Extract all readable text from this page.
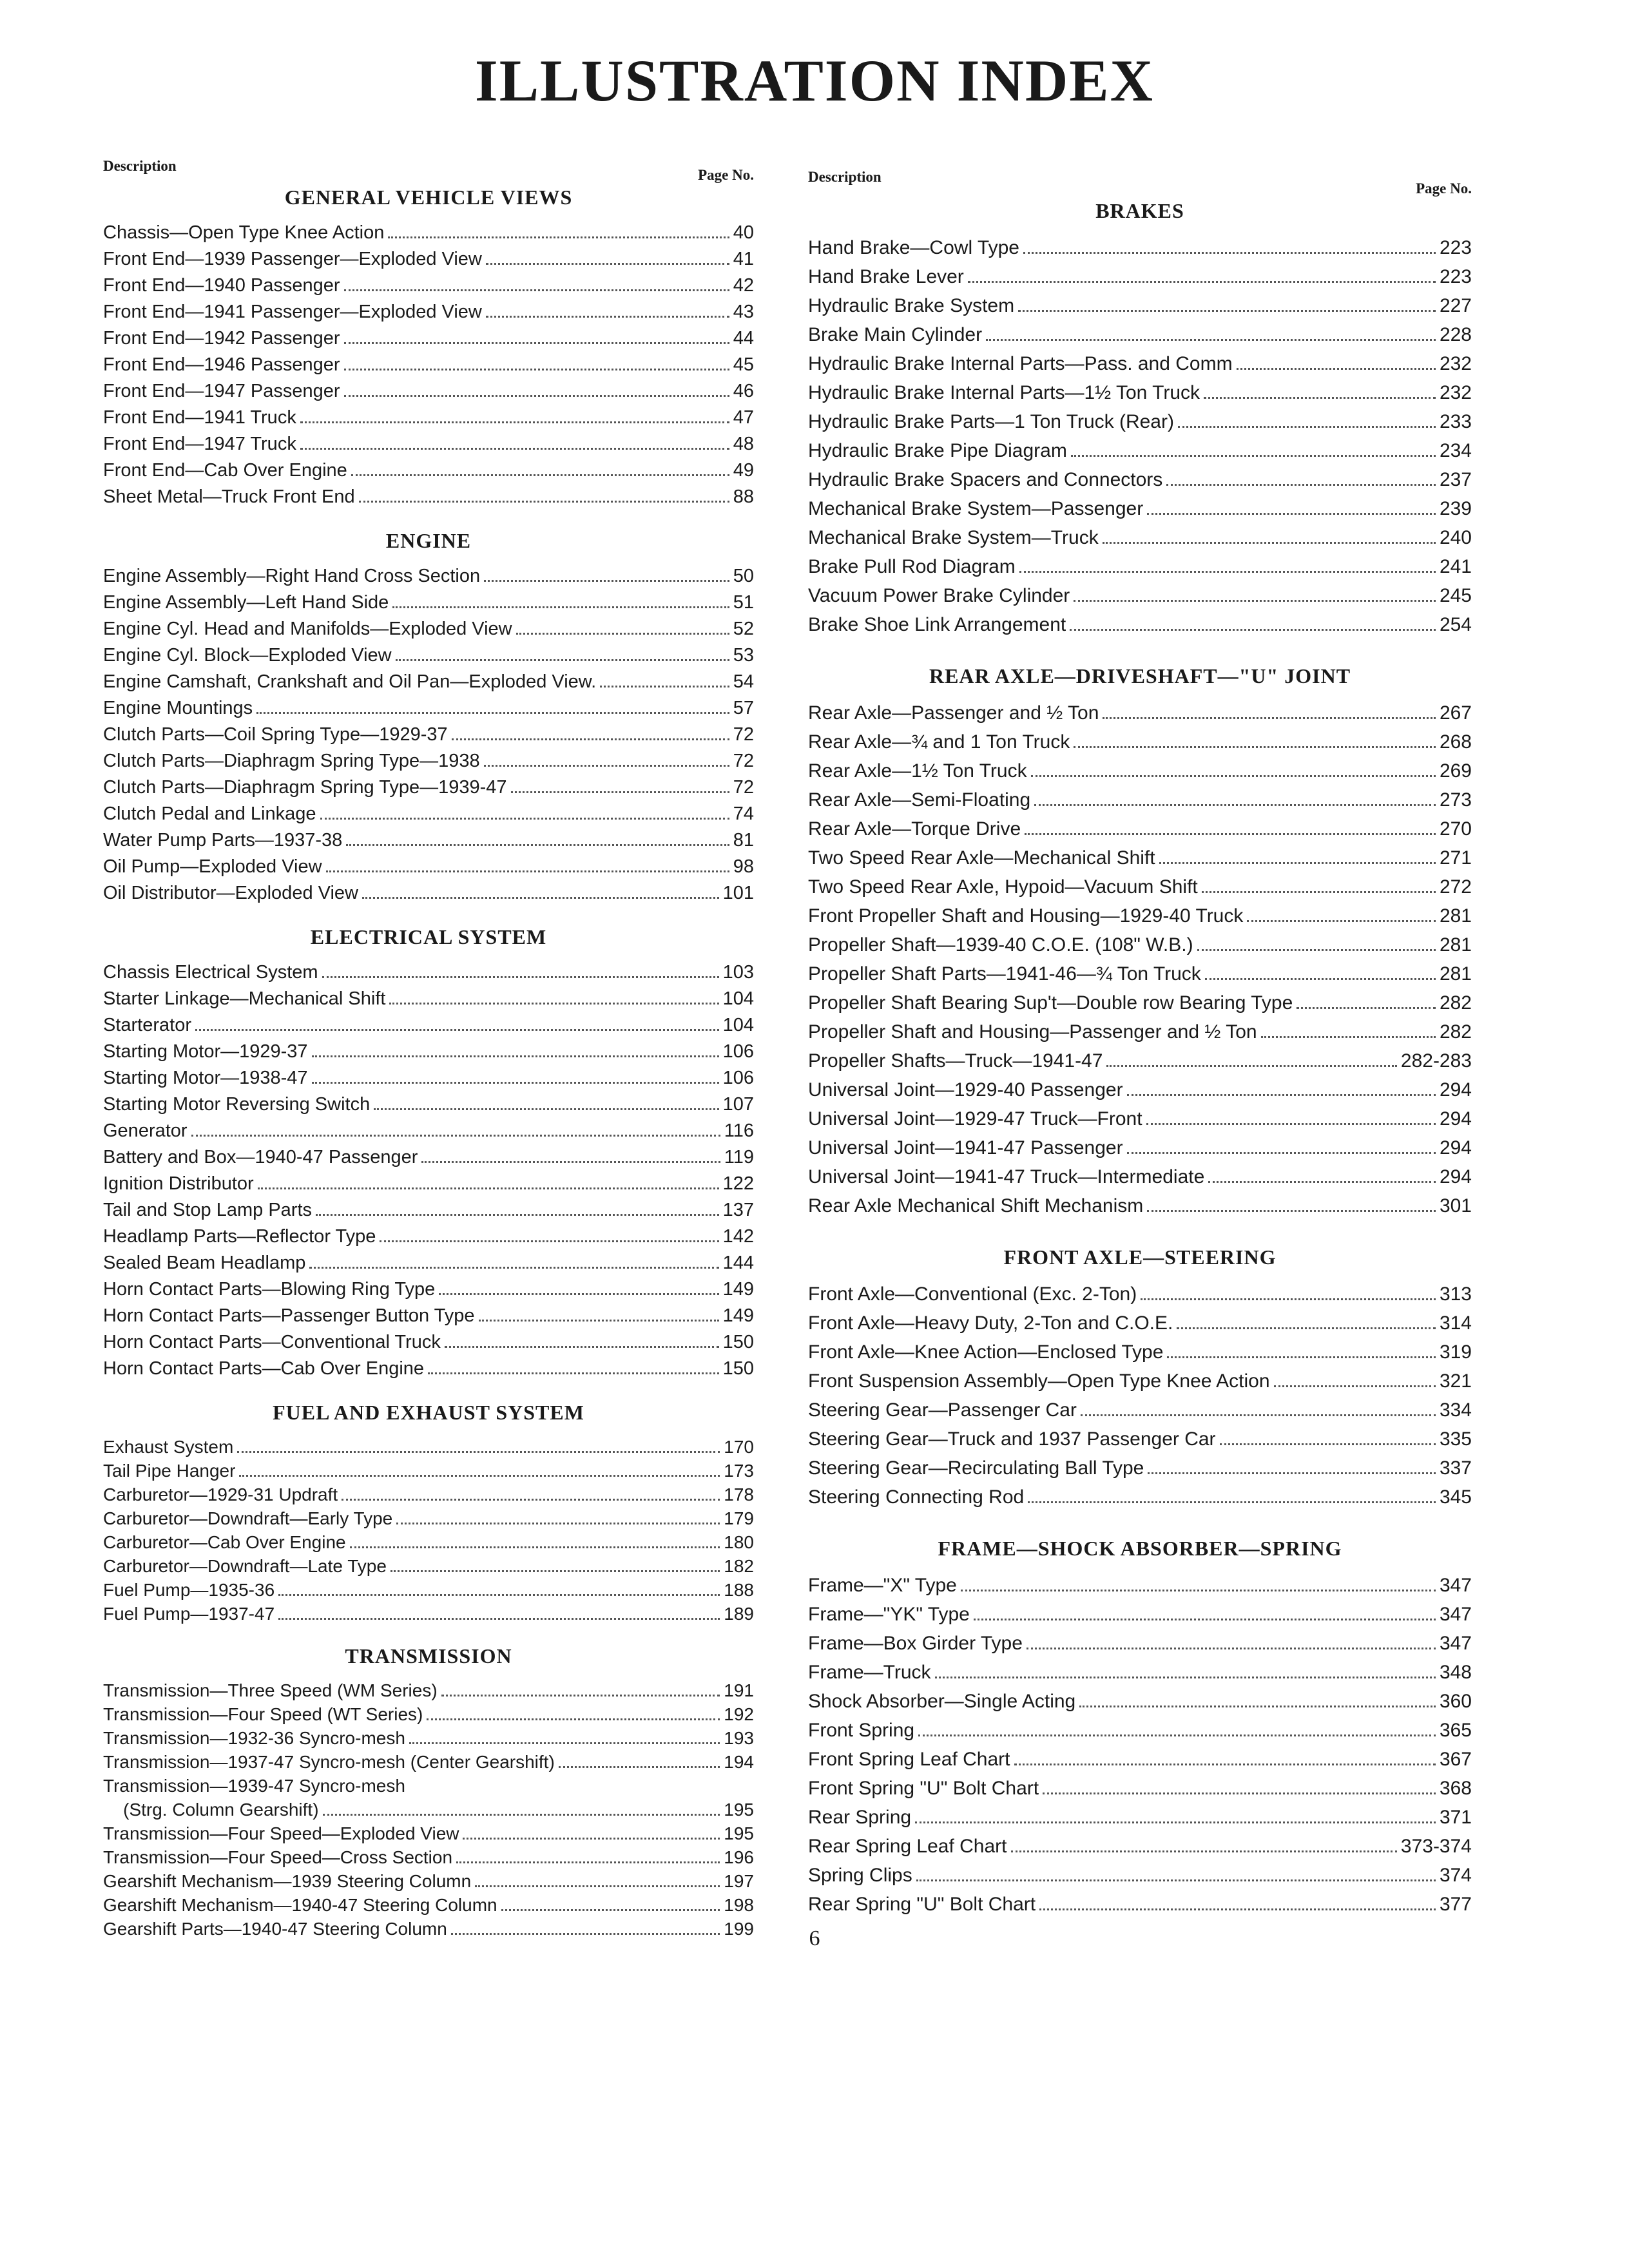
ILLUSTRATION INDEX
Description
Page No.
GENERAL VEHICLE VIEWS
Chassis—Open Type Knee Action	40
Front End—1939 Passenger—Exploded View	41
Front End—1940 Passenger	42
Front End—1941 Passenger—Exploded View	43
Front End—1942 Passenger	44
Front End—1946 Passenger	45
Front End—1947 Passenger	46
Front End—1941 Truck	47
Front End—1947 Truck	48
Front End—Cab Over Engine	49
Sheet Metal—Truck Front End	88
ENGINE
Engine Assembly—Right Hand Cross Section	50
Engine Assembly—Left Hand Side	51
Engine Cyl. Head and Manifolds—Exploded View	52
Engine Cyl. Block—Exploded View	53
Engine Camshaft, Crankshaft and Oil Pan—Exploded View.	54
Engine Mountings	57
Clutch Parts—Coil Spring Type—1929-37	72
Clutch Parts—Diaphragm Spring Type—1938	72
Clutch Parts—Diaphragm Spring Type—1939-47	72
Clutch Pedal and Linkage	74
Water Pump Parts—1937-38	81
Oil Pump—Exploded View	98
Oil Distributor—Exploded View	101
ELECTRICAL SYSTEM
Chassis Electrical System	103
Starter Linkage—Mechanical Shift	104
Starterator	104
Starting Motor—1929-37	106
Starting Motor—1938-47	106
Starting Motor Reversing Switch	107
Generator	116
Battery and Box—1940-47 Passenger	119
Ignition Distributor	122
Tail and Stop Lamp Parts	137
Headlamp Parts—Reflector Type	142
Sealed Beam Headlamp	144
Horn Contact Parts—Blowing Ring Type	149
Horn Contact Parts—Passenger Button Type	149
Horn Contact Parts—Conventional Truck	150
Horn Contact Parts—Cab Over Engine	150
FUEL AND EXHAUST SYSTEM
Exhaust System	170
Tail Pipe Hanger	173
Carburetor—1929-31 Updraft	178
Carburetor—Downdraft—Early Type	179
Carburetor—Cab Over Engine	180
Carburetor—Downdraft—Late Type	182
Fuel Pump—1935-36	188
Fuel Pump—1937-47	189
TRANSMISSION
Transmission—Three Speed (WM Series)	191
Transmission—Four Speed (WT Series)	192
Transmission—1932-36 Syncro-mesh	193
Transmission—1937-47 Syncro-mesh (Center Gearshift)	194
Transmission—1939-47 Syncro-mesh
(Strg. Column Gearshift)	195
Transmission—Four Speed—Exploded View	195
Transmission—Four Speed—Cross Section	196
Gearshift Mechanism—1939 Steering Column	197
Gearshift Mechanism—1940-47 Steering Column	198
Gearshift Parts—1940-47 Steering Column	199
Description
Page No.
BRAKES
Hand Brake—Cowl Type	223
Hand Brake Lever	223
Hydraulic Brake System	227
Brake Main Cylinder	228
Hydraulic Brake Internal Parts—Pass. and Comm	232
Hydraulic Brake Internal Parts—1½ Ton Truck	232
Hydraulic Brake Parts—1 Ton Truck (Rear)	233
Hydraulic Brake Pipe Diagram	234
Hydraulic Brake Spacers and Connectors	237
Mechanical Brake System—Passenger	239
Mechanical Brake System—Truck	240
Brake Pull Rod Diagram	241
Vacuum Power Brake Cylinder	245
Brake Shoe Link Arrangement	254
REAR AXLE—DRIVESHAFT—"U" JOINT
Rear Axle—Passenger and ½ Ton	267
Rear Axle—¾ and 1 Ton Truck	268
Rear Axle—1½ Ton Truck	269
Rear Axle—Semi-Floating	273
Rear Axle—Torque Drive	270
Two Speed Rear Axle—Mechanical Shift	271
Two Speed Rear Axle, Hypoid—Vacuum Shift	272
Front Propeller Shaft and Housing—1929-40 Truck	281
Propeller Shaft—1939-40 C.O.E. (108" W.B.)	281
Propeller Shaft Parts—1941-46—¾ Ton Truck	281
Propeller Shaft Bearing Sup't—Double row Bearing Type	282
Propeller Shaft and Housing—Passenger and ½ Ton	282
Propeller Shafts—Truck—1941-47	282-283
Universal Joint—1929-40 Passenger	294
Universal Joint—1929-47 Truck—Front	294
Universal Joint—1941-47 Passenger	294
Universal Joint—1941-47 Truck—Intermediate	294
Rear Axle Mechanical Shift Mechanism	301
FRONT AXLE—STEERING
Front Axle—Conventional (Exc. 2-Ton)	313
Front Axle—Heavy Duty, 2-Ton and C.O.E.	314
Front Axle—Knee Action—Enclosed Type	319
Front Suspension Assembly—Open Type Knee Action	321
Steering Gear—Passenger Car	334
Steering Gear—Truck and 1937 Passenger Car	335
Steering Gear—Recirculating Ball Type	337
Steering Connecting Rod	345
FRAME—SHOCK ABSORBER—SPRING
Frame—"X" Type	347
Frame—"YK" Type	347
Frame—Box Girder Type	347
Frame—Truck	348
Shock Absorber—Single Acting	360
Front Spring	365
Front Spring Leaf Chart	367
Front Spring "U" Bolt Chart	368
Rear Spring	371
Rear Spring Leaf Chart	373-374
Spring Clips	374
Rear Spring "U" Bolt Chart	377
6
